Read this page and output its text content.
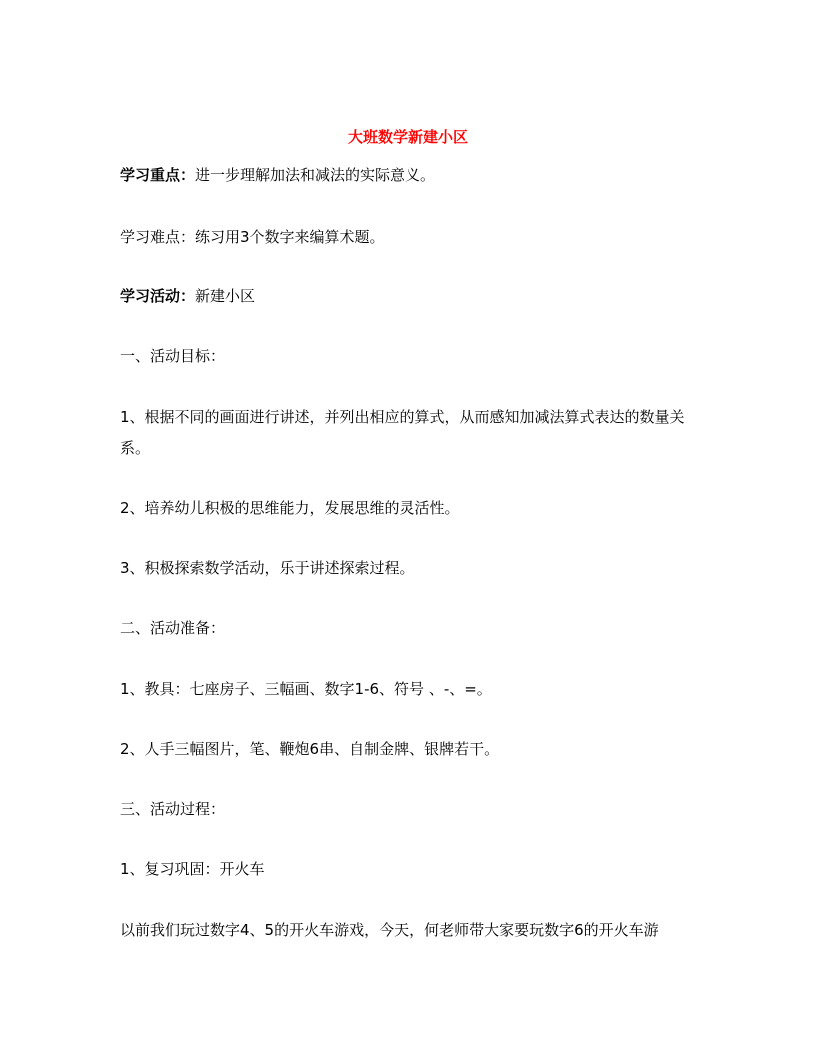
大班数学新建小区

学习重点：进一步理解加法和减法的实际意义。

学习难点：练习用3个数字来编算术题。

学习活动：新建小区

一、活动目标：

1、根据不同的画面进行讲述，并列出相应的算式，从而感知加减法算式表达的数量关系。

2、培养幼儿积极的思维能力，发展思维的灵活性。

3、积极探索数学活动，乐于讲述探索过程。

二、活动准备：

1、教具：七座房子、三幅画、数字1-6、符号 、-、=。

2、人手三幅图片，笔、鞭炮6串、自制金牌、银牌若干。

三、活动过程：

1、复习巩固：开火车

以前我们玩过数字4、5的开火车游戏，今天，何老师带大家要玩数字6的开火车游
